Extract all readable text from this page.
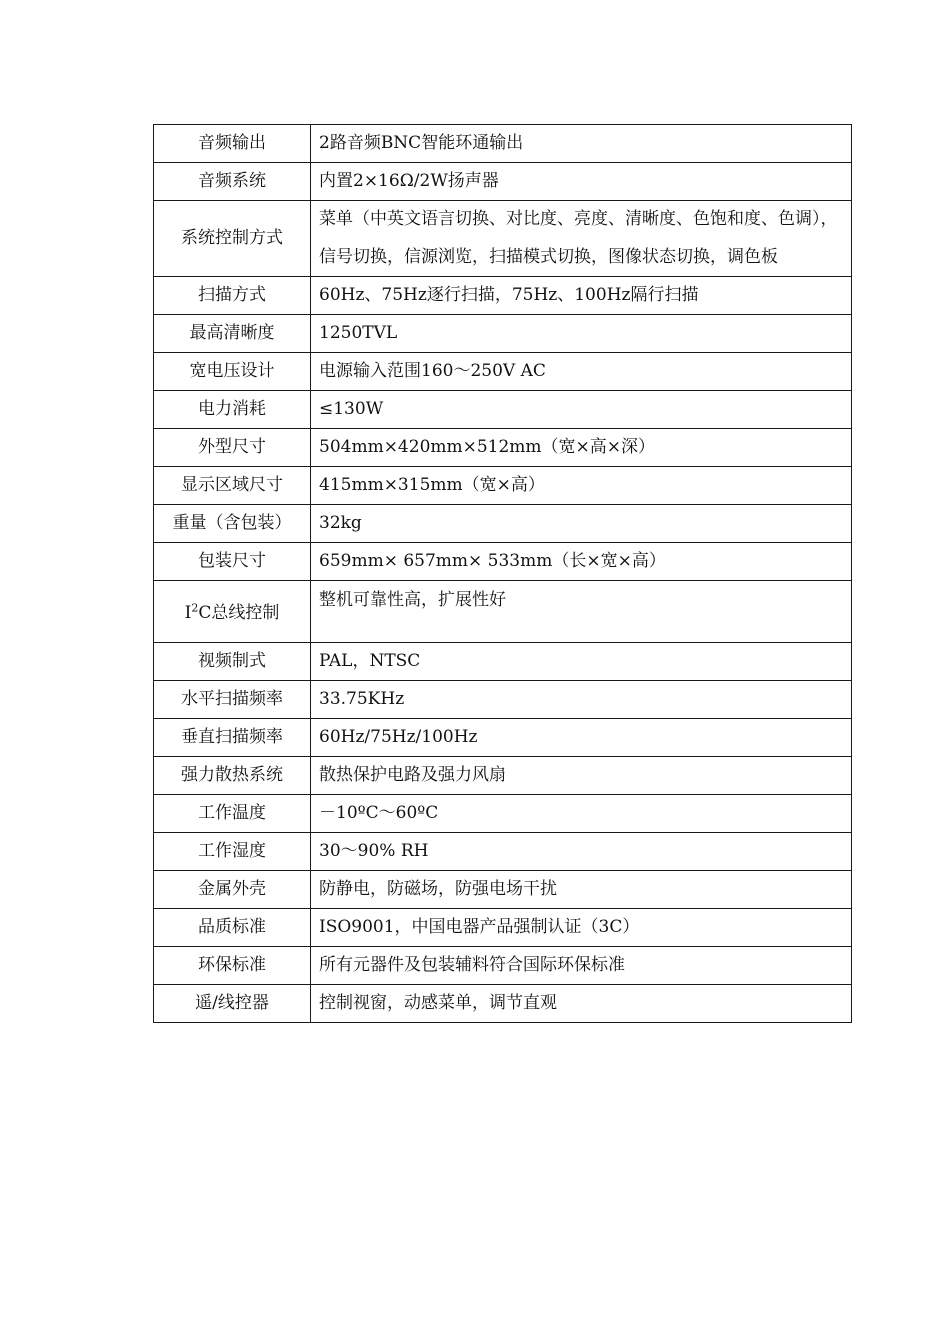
音频输出	2路音频BNC智能环通输出
音频系统	内置2×16Ω/2W扬声器
系统控制方式	菜单（中英文语言切换、对比度、亮度、清晰度、色饱和度、色调），信号切换，信源浏览，扫描模式切换，图像状态切换，调色板
扫描方式	60Hz、75Hz逐行扫描，75Hz、100Hz隔行扫描
最高清晰度	1250TVL
宽电压设计	电源输入范围160～250V AC
电力消耗	≤130W
外型尺寸	504mm×420mm×512mm（宽×高×深）
显示区域尺寸	415mm×315mm（宽×高）
重量（含包装）	32kg
包装尺寸	659mm× 657mm× 533mm（长×宽×高）
$I^2C$总线控制	整机可靠性高，扩展性好
视频制式	PAL，NTSC
水平扫描频率	33.75KHz
垂直扫描频率	60Hz/75Hz/100Hz
强力散热系统	散热保护电路及强力风扇
工作温度	－10ºC～60ºC
工作湿度	30～90% RH
金属外壳	防静电，防磁场，防强电场干扰
品质标准	ISO9001，中国电器产品强制认证（3C）
环保标准	所有元器件及包装辅料符合国际环保标准
遥/线控器	控制视窗，动感菜单，调节直观
